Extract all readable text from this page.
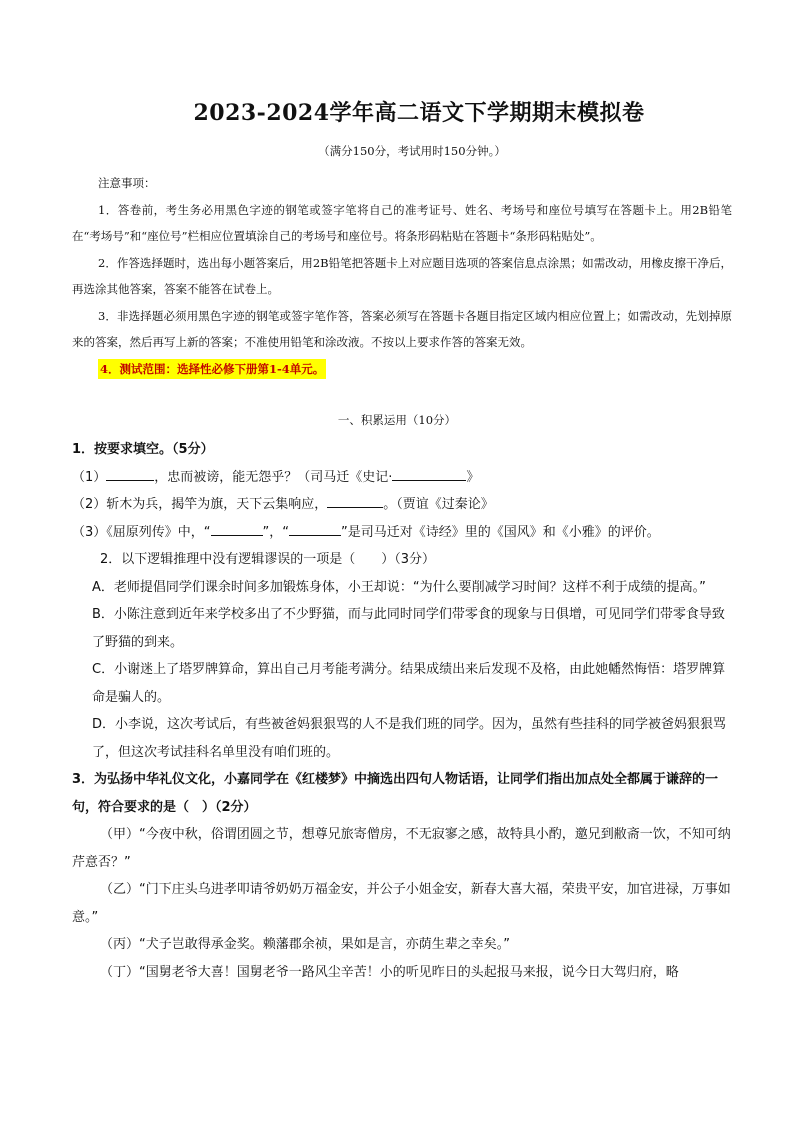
2023-2024学年高二语文下学期期末模拟卷
（满分150分，考试用时150分钟。）
注意事项：

1．答卷前，考生务必用黑色字迹的钢笔或签字笔将自己的准考证号、姓名、考场号和座位号填写在答题卡上。用2B铅笔在“考场号”和“座位号”栏相应位置填涂自己的考场号和座位号。将条形码粘贴在答题卡“条形码粘贴处”。

2．作答选择题时，选出每小题答案后，用2B铅笔把答题卡上对应题目选项的答案信息点涂黑；如需改动，用橡皮擦干净后，再选涂其他答案，答案不能答在试卷上。

3．非选择题必须用黑色字迹的钢笔或签字笔作答，答案必须写在答题卡各题目指定区域内相应位置上；如需改动，先划掉原来的答案，然后再写上新的答案；不准使用铅笔和涂改液。不按以上要求作答的答案无效。

4．测试范围：选择性必修下册第1-4单元。
一、积累运用（10分）

1．按要求填空。（5分）

（1）	，忠而被谤，能无怨乎？（司马迁《史记·	》

（2）斩木为兵，揭竿为旗，天下云集响应，	。（贾谊《过秦论》

（3）《屈原列传》中，“	”，“	”是司马迁对《诗经》里的《国风》和《小雅》的评价。

2．以下逻辑推理中没有逻辑谬误的一项是（　　）（3分）

A．老师提倡同学们课余时间多加锻炼身体，小王却说：“为什么要削减学习时间？这样不利于成绩的提高。”

B．小陈注意到近年来学校多出了不少野猫，而与此同时同学们带零食的现象与日俱增，可见同学们带零食导致了野猫的到来。

C．小谢迷上了塔罗牌算命，算出自己月考能考满分。结果成绩出来后发现不及格，由此她幡然悔悟：塔罗牌算命是骗人的。

D．小李说，这次考试后，有些被爸妈狠狠骂的人不是我们班的同学。因为，虽然有些挂科的同学被爸妈狠狠骂了，但这次考试挂科名单里没有咱们班的。

3．为弘扬中华礼仪文化，小嘉同学在《红楼梦》中摘选出四句人物话语，让同学们指出加点处全都属于谦辞的一句，符合要求的是（　）（2分）

（甲）“今夜中秋，俗谓团圆之节，想尊兄旅寄僧房，不无寂寥之感，故特具小酌，邀兄到敝斋一饮，不知可纳芹意否？”

（乙）“门下庄头乌进孝叩请爷奶奶万福金安，并公子小姐金安，新春大喜大福，荣贵平安，加官进禄，万事如意。”

（丙）“犬子岂敢得承金奖。赖藩郡余祯，果如是言，亦荫生辈之幸矣。”

（丁）“国舅老爷大喜！国舅老爷一路风尘辛苦！小的听见昨日的头起报马来报，说今日大驾归府，略
